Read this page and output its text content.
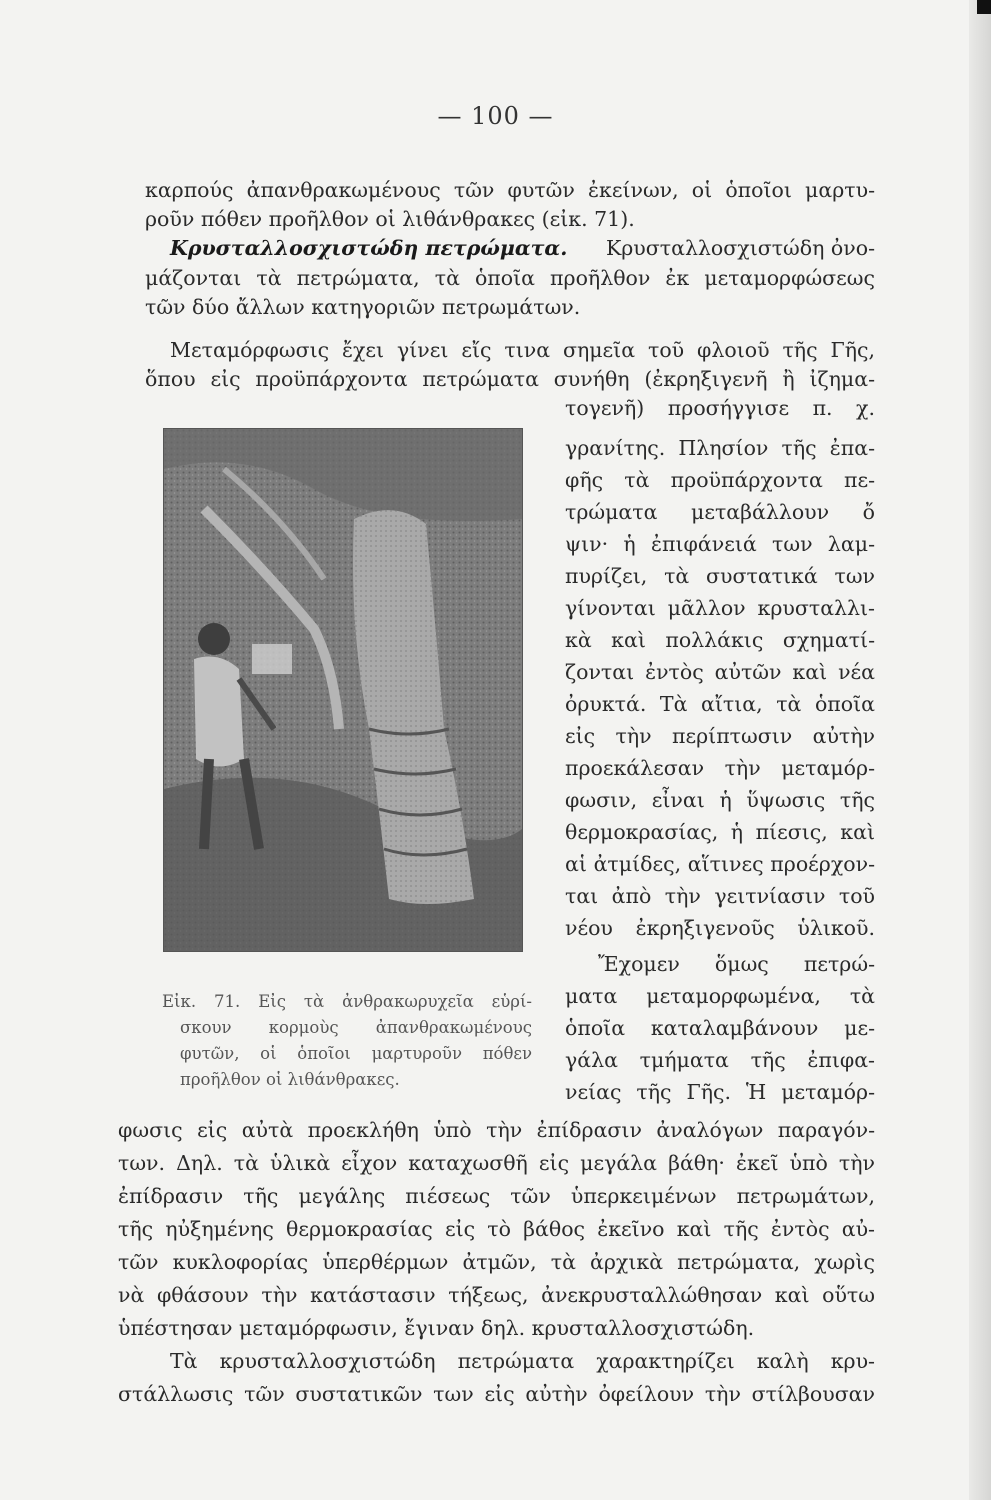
— 100 —
καρπούς ἀπανθρακωμένους τῶν φυτῶν ἐκείνων, οἱ ὁποῖοι μαρτυ-
ροῦν πόθεν προῆλθον οἱ λιθάνθρακες (εἰκ. 71).
Κρυσταλλοσχιστώδη πετρώματα. Κρυσταλλοσχιστώδη ὀνο-
μάζονται τὰ πετρώματα, τὰ ὁποῖα προῆλθον ἐκ μεταμορφώσεως
τῶν δύο ἄλλων κατηγοριῶν πετρωμάτων.
Μεταμόρφωσις ἔχει γίνει εἴς τινα σημεῖα τοῦ φλοιοῦ τῆς Γῆς,
ὅπου εἰς προϋπάρχοντα πετρώματα συνήθη (ἐκρηξιγενῆ ἢ ἰζημα-
τογενῆ) προσήγγισε π. χ.
γρανίτης. Πλησίον τῆς ἐπα-
φῆς τὰ προϋπάρχοντα πε-
τρώματα μεταβάλλουν ὄ
ψιν· ἡ ἐπιφάνειά των λαμ-
πυρίζει, τὰ συστατικά των
γίνονται μᾶλλον κρυσταλλι-
κὰ καὶ πολλάκις σχηματί-
ζονται ἐντὸς αὐτῶν καὶ νέα
ὀρυκτά. Τὰ αἴτια, τὰ ὁποῖα
εἰς τὴν περίπτωσιν αὐτὴν
προεκάλεσαν τὴν μεταμόρ-
φωσιν, εἶναι ἡ ὕψωσις τῆς
θερμοκρασίας, ἡ πίεσις, καὶ
αἱ ἀτμίδες, αἵτινες προέρχον-
ται ἀπὸ τὴν γειτνίασιν τοῦ
νέου ἐκρηξιγενοῦς ὑλικοῦ.
Ἔχομεν ὅμως πετρώ-
ματα μεταμορφωμένα, τὰ
ὁποῖα καταλαμβάνουν με-
γάλα τμήματα τῆς ἐπιφα-
νείας τῆς Γῆς. Ἡ μεταμόρ-
Εἰκ. 71. Εἰς τὰ ἀνθρακωρυχεῖα εὑρί-
σκουν κορμοὺς ἀπανθρακωμένους
φυτῶν, οἱ ὁποῖοι μαρτυροῦν πόθεν
προῆλθον οἱ λιθάνθρακες.
φωσις εἰς αὐτὰ προεκλήθη ὑπὸ τὴν ἐπίδρασιν ἀναλόγων παραγόν-
των. Δηλ. τὰ ὑλικὰ εἶχον καταχωσθῆ εἰς μεγάλα βάθη· ἐκεῖ ὑπὸ τὴν
ἐπίδρασιν τῆς μεγάλης πιέσεως τῶν ὑπερκειμένων πετρωμάτων,
τῆς ηὐξημένης θερμοκρασίας εἰς τὸ βάθος ἐκεῖνο καὶ τῆς ἐντὸς αὐ-
τῶν κυκλοφορίας ὑπερθέρμων ἀτμῶν, τὰ ἀρχικὰ πετρώματα, χωρὶς
νὰ φθάσουν τὴν κατάστασιν τήξεως, ἀνεκρυσταλλώθησαν καὶ οὕτω
ὑπέστησαν μεταμόρφωσιν, ἔγιναν δηλ. κρυσταλλοσχιστώδη.
Τὰ κρυσταλλοσχιστώδη πετρώματα χαρακτηρίζει καλὴ κρυ-
στάλλωσις τῶν συστατικῶν των εἰς αὐτὴν ὀφείλουν τὴν στίλβουσαν
